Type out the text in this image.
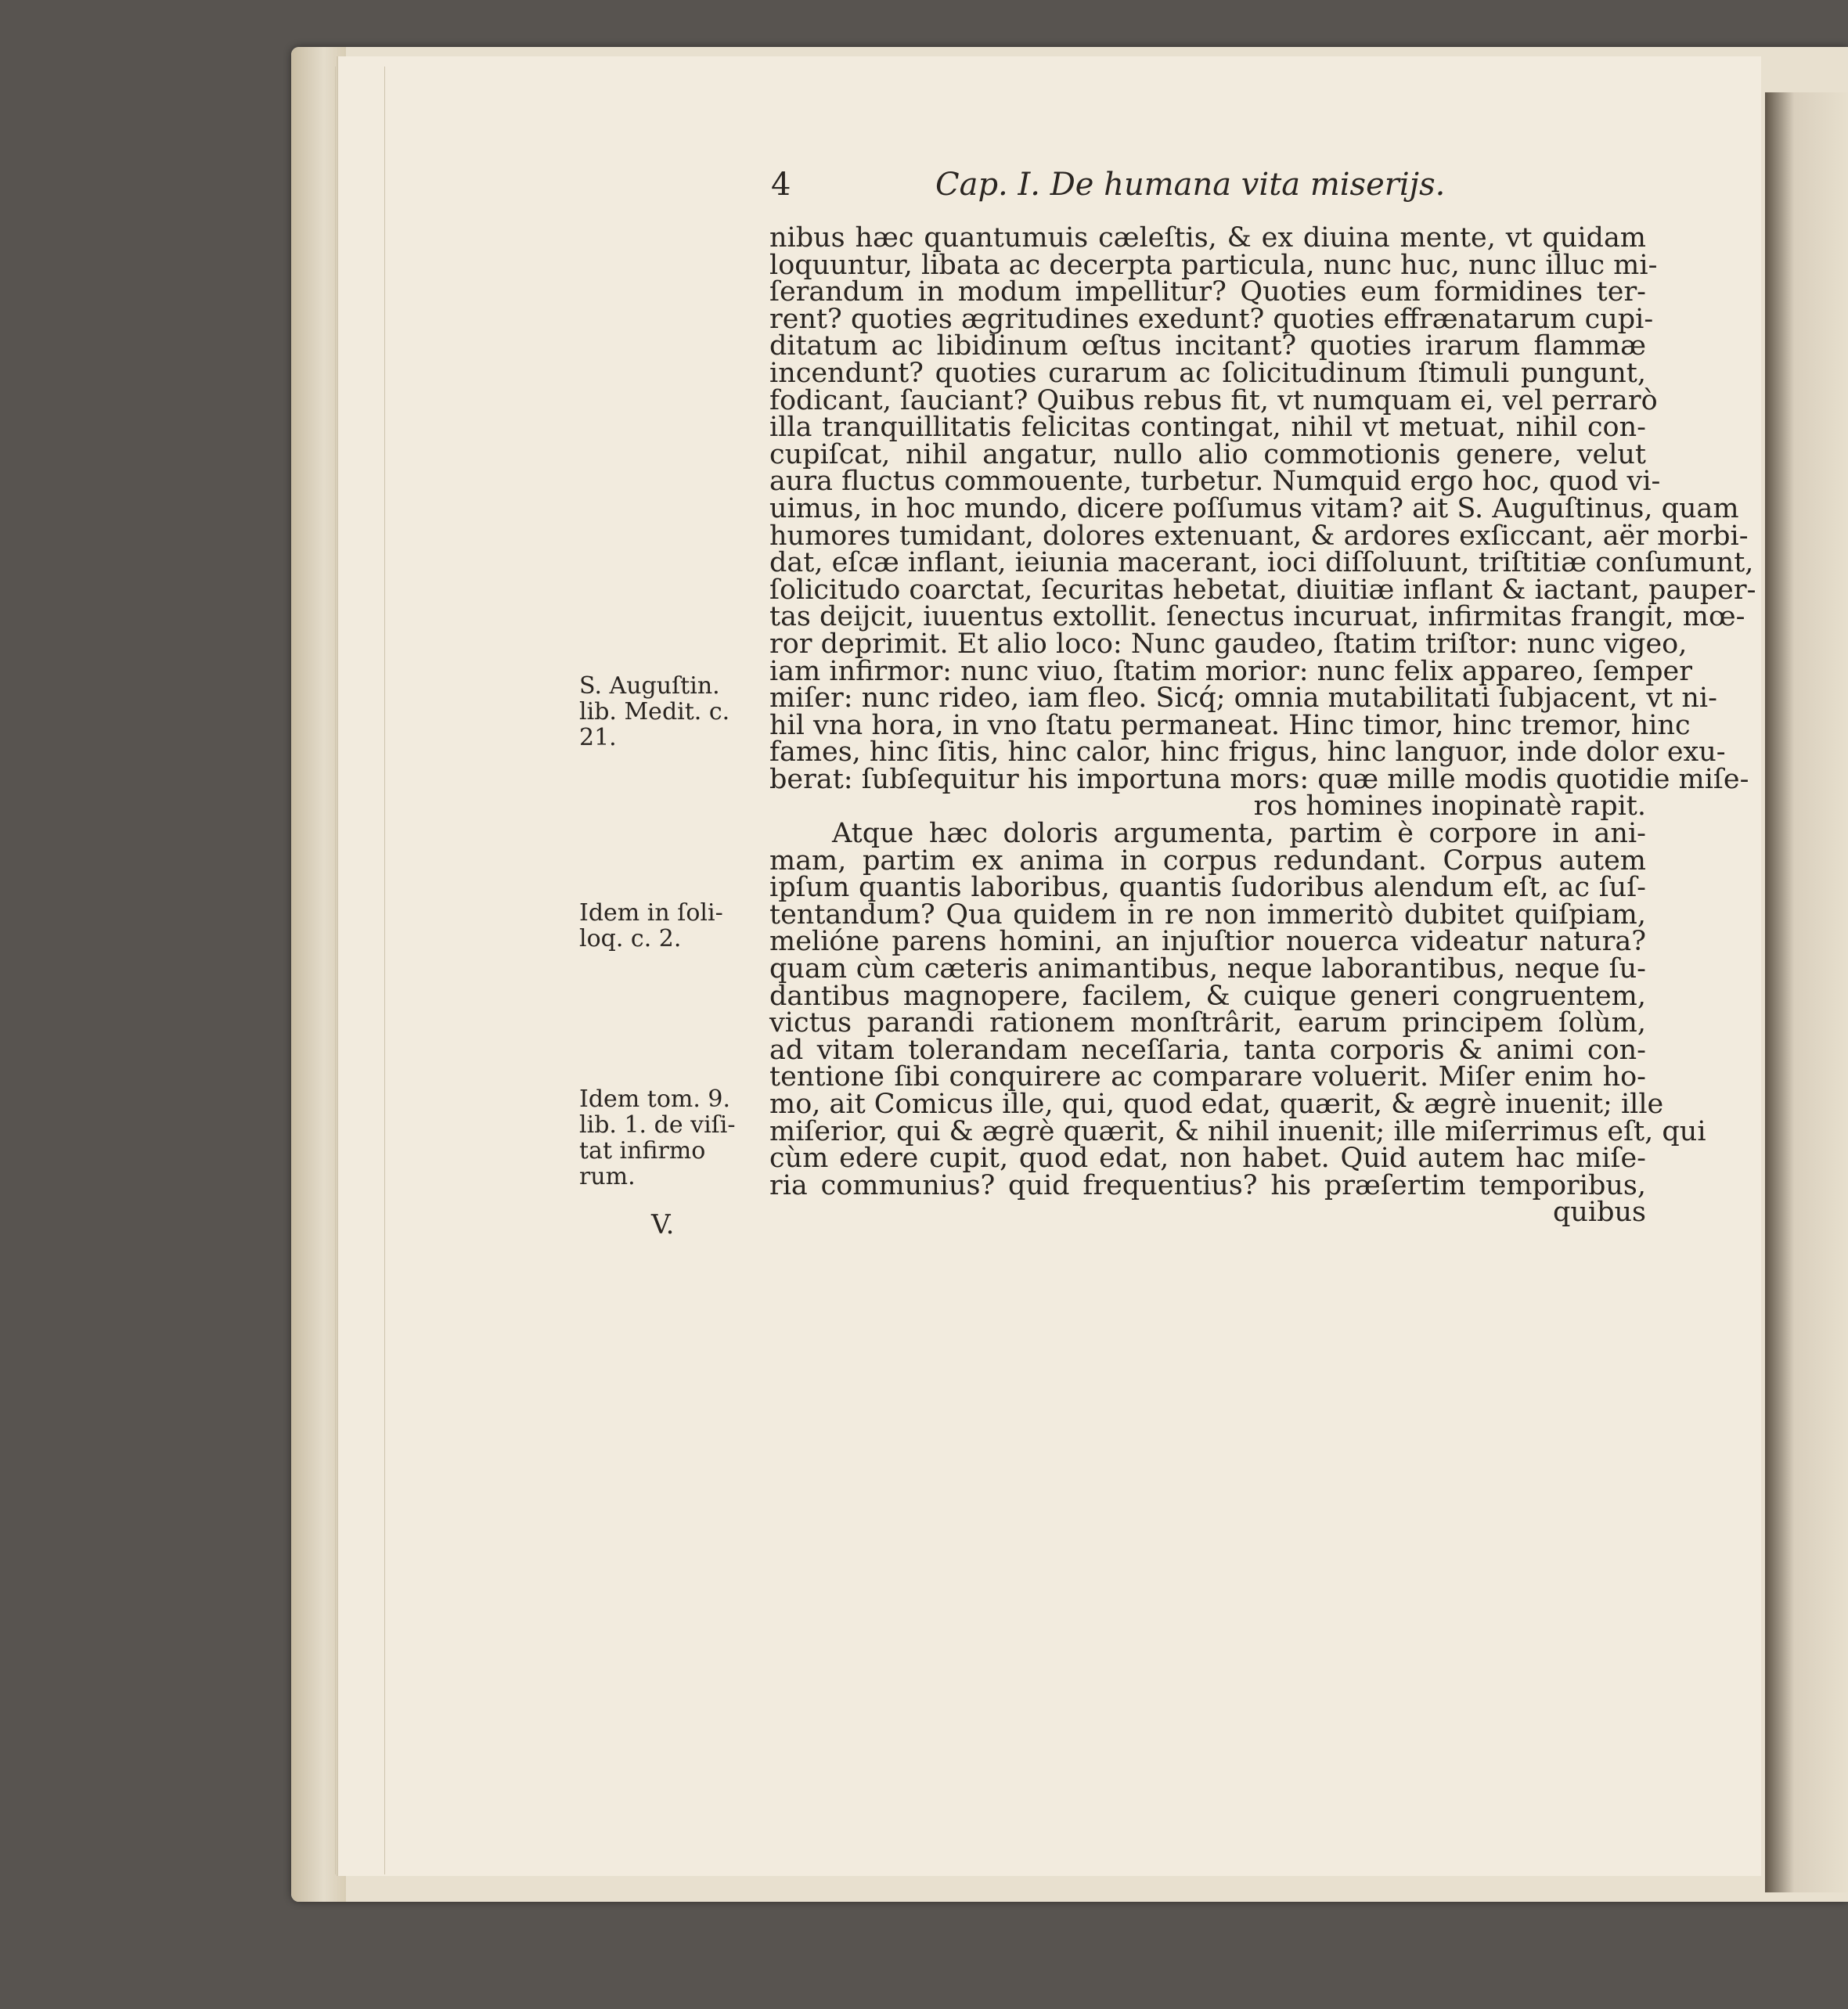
4	Cap. I. De humana vita miserijs.
nibus hæc quantumuis cæleſtis, & ex diuina mente, vt quidam
loquuntur, libata ac decerpta particula, nunc huc, nunc illuc mi-
ſerandum in modum impellitur? Quoties eum formidines ter-
rent? quoties ægritudines exedunt? quoties effrænatarum cupi-
ditatum ac libidinum œſtus incitant? quoties irarum flammæ
incendunt? quoties curarum ac ſolicitudinum ſtimuli pungunt,
fodicant, ſauciant? Quibus rebus fit, vt numquam ei, vel perrarò
illa tranquillitatis felicitas contingat, nihil vt metuat, nihil con-
cupiſcat, nihil angatur, nullo alio commotionis genere, velut
aura fluctus commouente, turbetur. Numquid ergo hoc, quod vi-
uimus, in hoc mundo, dicere poſſumus vitam? ait S. Auguſtinus, quam
humores tumidant, dolores extenuant, & ardores exſiccant, aër morbi-
dat, eſcæ inflant, ieiunia macerant, ioci diſſoluunt, triſtitiæ conſumunt,
ſolicitudo coarctat, ſecuritas hebetat, diuitiæ inflant & iactant, pauper-
tas deijcit, iuuentus extollit. ſenectus incuruat, infirmitas frangit, mœ-
ror deprimit. Et alio loco: Nunc gaudeo, ſtatim triſtor: nunc vigeo,
iam infirmor: nunc viuo, ſtatim morior: nunc felix appareo, ſemper
miſer: nunc rideo, iam fleo. Sicq́; omnia mutabilitati ſubjacent, vt ni-
hil vna hora, in vno ſtatu permaneat. Hinc timor, hinc tremor, hinc
fames, hinc ſitis, hinc calor, hinc frigus, hinc languor, inde dolor exu-
berat: ſubſequitur his importuna mors: quæ mille modis quotidie miſe-
ros homines inopinatè rapit.
Atque hæc doloris argumenta, partim è corpore in ani-
mam, partim ex anima in corpus redundant. Corpus autem
ipſum quantis laboribus, quantis ſudoribus alendum eſt, ac ſuſ-
tentandum? Qua quidem in re non immeritò dubitet quiſpiam,
melióne parens homini, an injuſtior nouerca videatur natura?
quam cùm cæteris animantibus, neque laborantibus, neque ſu-
dantibus magnopere, facilem, & cuique generi congruentem,
victus parandi rationem monſtrârit, earum principem ſolùm,
ad vitam tolerandam neceſſaria, tanta corporis & animi con-
tentione ſibi conquirere ac comparare voluerit. Miſer enim ho-
mo, ait Comicus ille, qui, quod edat, quærit, & ægrè inuenit; ille
miſerior, qui & ægrè quærit, & nihil inuenit; ille miſerrimus eſt, qui
cùm edere cupit, quod edat, non habet. Quid autem hac miſe-
ria communius? quid frequentius? his præſertim temporibus,
quibus
S. Auguſtin.
lib. Medit. c.
21.
Idem in ſoli-
loq. c. 2.
Idem tom. 9.
lib. 1. de viſi-
tat infirmo
rum.
V.
